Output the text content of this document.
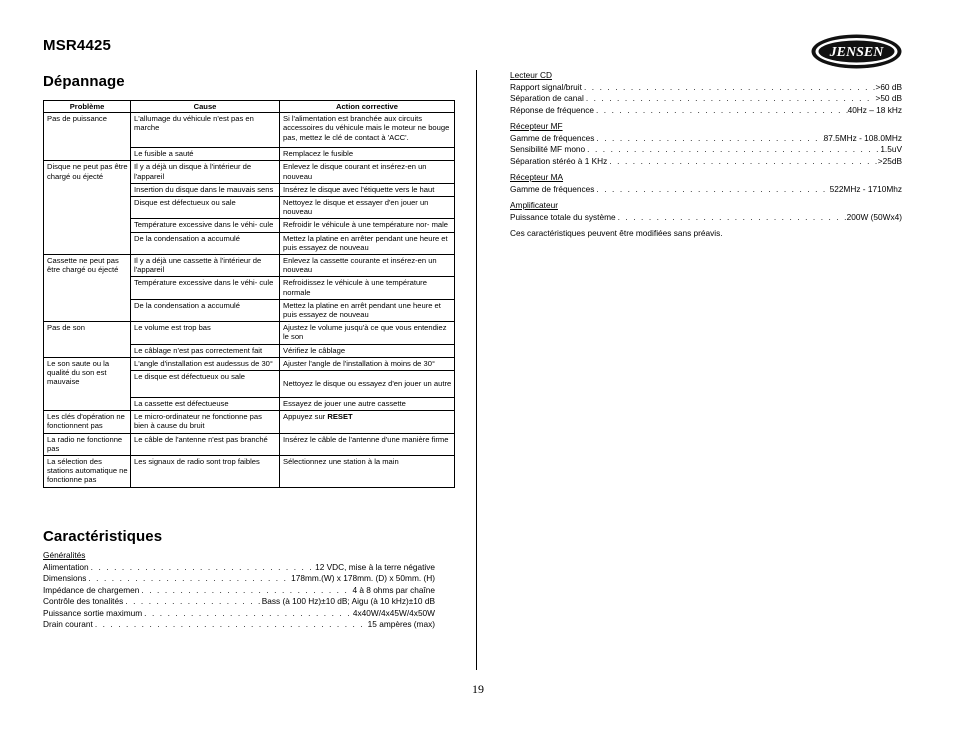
MSR4425	JENSEN
Dépannage
Problème	Cause	Action corrective
Pas de puissance	L'allumage du véhicule n'est pas en marche	Si l'alimentation est branchée aux circuits accessoires du véhicule mais le moteur ne bouge pas, mettez le clé de contact à 'ACC'.
	Le fusible a sauté	Remplacez le fusible
Disque ne peut pas être chargé ou éjecté	Il y a déjà un disque à l'intérieur de l'appareil	Enlevez le disque courant et insérez-en un nouveau
	Insertion du disque dans le mauvais sens	Insérez le disque avec l'étiquette vers le haut
	Disque est défectueux ou sale	Nettoyez le disque et essayer d'en jouer un nouveau
	Température excessive dans le véhi- cule	Refroidir le véhicule à une température nor- male
	De la condensation a accumulé	Mettez la platine en arrêter pendant une heure et puis essayez de nouveau
Cassette ne peut pas être chargé ou éjecté	Il y a déjà une cassette à l'intérieur de l'appareil	Enlevez la cassette courante et insérez-en un nouveau
	Température excessive dans le véhi- cule	Refroidissez le véhicule à une température normale
	De la condensation a accumulé	Mettez la platine en arrêt pendant une heure et puis essayez de nouveau
Pas de son	Le volume est trop bas	Ajustez le volume jusqu'à ce que vous entendiez le son
	Le câblage n'est pas correctement fait	Vérifiez le câblage
Le son saute ou la qualité du son est mauvaise	L'angle d'installation est audessus de 30°	Ajuster l'angle de l'installation à moins de 30°
	Le disque est défectueux ou sale	Nettoyez le disque ou essayez d'en jouer un autre
	La cassette est défectueuse	Essayez de jouer une autre cassette
Les clés d'opération ne fonctionnent pas	Le micro-ordinateur ne fonctionne pas bien à cause du bruit	Appuyez sur RESET
La radio ne fonctionne pas	Le câble de l'antenne n'est pas branché	Insérez le câble de l'antenne d'une manière firme
La sélection des stations automatique ne fonctionne pas	Les signaux de radio sont trop faibles	Sélectionnez une station à la main
Caractéristiques
Généralités
Alimentation . . .	12 VDC, mise à la terre négative
Dimensions . . .	178mm.(W) x 178mm. (D) x 50mm. (H)
Impédance de chargemen . . .	4 à 8 ohms par chaîne
Contrôle des tonalités . . .	Bass (à 100 Hz)±10 dB; Aigu (à 10 kHz)±10 dB
Puissance sortie maximum . . .	4x40W/4x45W/4x50W
Drain courant . . .	15 ampères (max)
Lecteur CD
Rapport signal/bruit . . .	>60 dB
Séparation de canal . . .	>50 dB
Réponse de fréquence . . .	40Hz – 18 kHz
Récepteur MF
Gamme de fréquences . . .	87.5MHz - 108.0MHz
Sensibilité MF mono . . .	1.5uV
Séparation stéréo à 1 KHz . . .	>25dB
Récepteur MA
Gamme de fréquences . . .	522MHz - 1710Mhz
Amplificateur
Puissance totale du système . . .	200W (50Wx4)
Ces caractéristiques peuvent être modifiées sans préavis.
19
